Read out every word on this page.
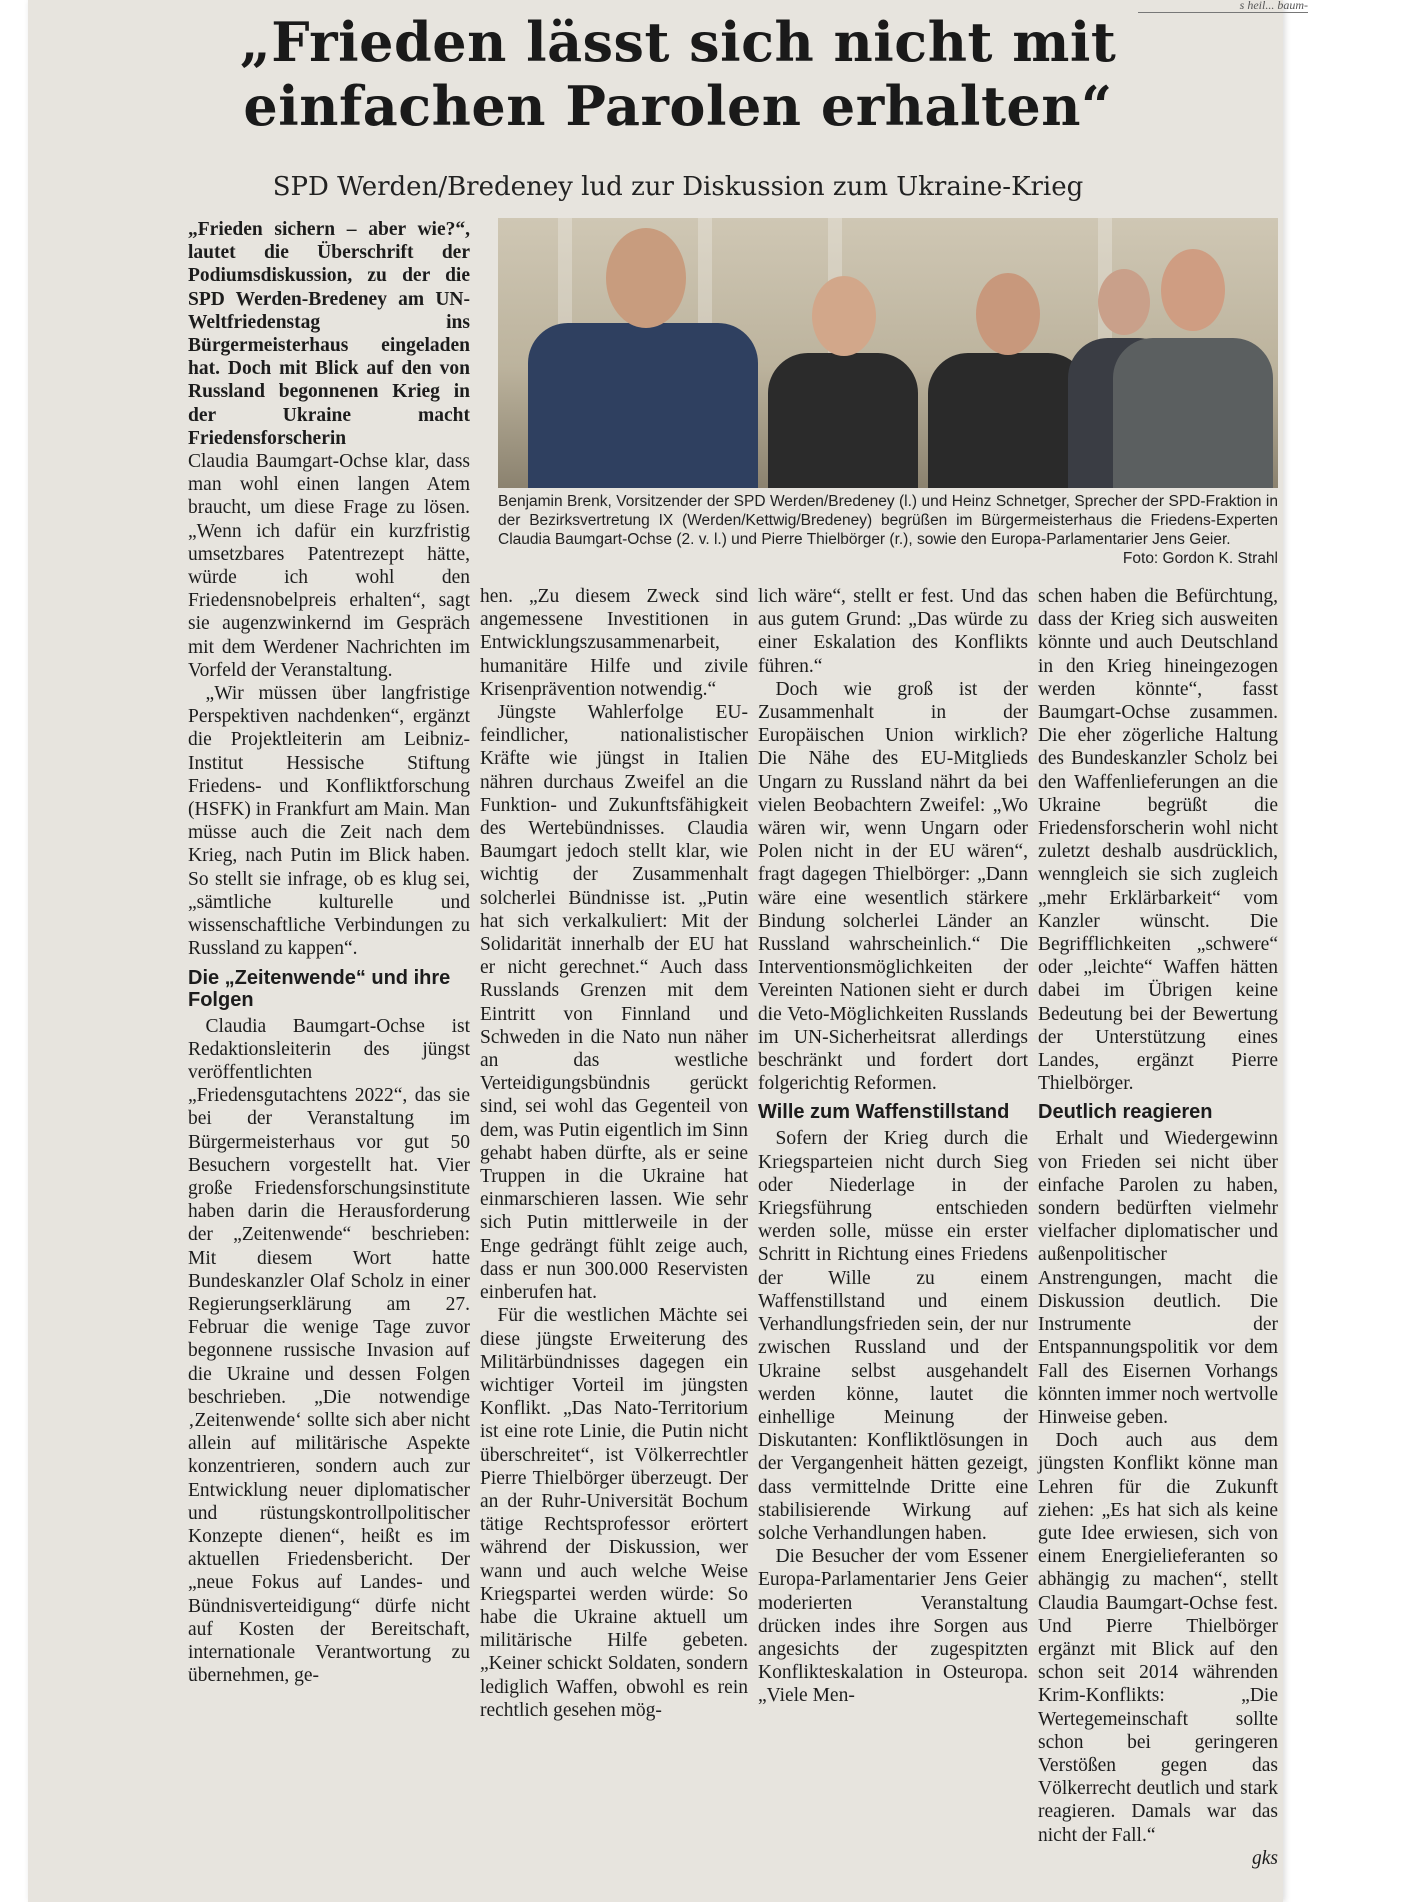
s heil... baum-
„Frieden lässt sich nicht mit einfachen Parolen erhalten“
SPD Werden/Bredeney lud zur Diskussion zum Ukraine-Krieg
Benjamin Brenk, Vorsitzender der SPD Werden/Bredeney (l.) und Heinz Schnetger, Sprecher der SPD-Fraktion in der Bezirksvertretung IX (Werden/Kettwig/Bredeney) begrüßen im Bürgermeisterhaus die Friedens-Experten Claudia Baumgart-Ochse (2. v. l.) und Pierre Thielbörger (r.), sowie den Europa-Parlamentarier Jens Geier.
Foto: Gordon K. Strahl

„Frieden sichern – aber wie?“, lautet die Überschrift der Podiumsdiskussion, zu der die SPD Werden-Bredeney am UN-Weltfriedenstag ins Bürgermeisterhaus eingeladen hat. Doch mit Blick auf den von Russland begonnenen Krieg in der Ukraine macht Friedensforscherin

Claudia Baumgart-Ochse klar, dass man wohl einen langen Atem braucht, um diese Frage zu lösen. „Wenn ich dafür ein kurzfristig umsetzbares Patentrezept hätte, würde ich wohl den Friedensnobelpreis erhalten“, sagt sie augenzwinkernd im Gespräch mit dem Werdener Nachrichten im Vorfeld der Veranstaltung.

„Wir müssen über langfristige Perspektiven nachdenken“, ergänzt die Projektleiterin am Leibniz-Institut Hessische Stiftung Friedens- und Konfliktforschung (HSFK) in Frankfurt am Main. Man müsse auch die Zeit nach dem Krieg, nach Putin im Blick haben. So stellt sie infrage, ob es klug sei, „sämtliche kulturelle und wissenschaftliche Verbindungen zu Russland zu kappen“.

Die „Zeitenwende“ und ihre Folgen

Claudia Baumgart-Ochse ist Redaktionsleiterin des jüngst veröffentlichten „Friedensgutachtens 2022“, das sie bei der Veranstaltung im Bürgermeisterhaus vor gut 50 Besuchern vorgestellt hat. Vier große Friedensforschungsinstitute haben darin die Herausforderung der „Zeitenwende“ beschrieben: Mit diesem Wort hatte Bundeskanzler Olaf Scholz in einer Regierungserklärung am 27. Februar die wenige Tage zuvor begonnene russische Invasion auf die Ukraine und dessen Folgen beschrieben. „Die notwendige ‚Zeitenwende‘ sollte sich aber nicht allein auf militärische Aspekte konzentrieren, sondern auch zur Entwicklung neuer diplomatischer und rüstungskontrollpolitischer Konzepte dienen“, heißt es im aktuellen Friedensbericht. Der „neue Fokus auf Landes- und Bündnisverteidigung“ dürfe nicht auf Kosten der Bereitschaft, internationale Verantwortung zu übernehmen, ge-

hen. „Zu diesem Zweck sind angemessene Investitionen in Entwicklungszusammenarbeit, humanitäre Hilfe und zivile Krisenprävention notwendig.“

Jüngste Wahlerfolge EU-feindlicher, nationalistischer Kräfte wie jüngst in Italien nähren durchaus Zweifel an die Funktion- und Zukunftsfähigkeit des Wertebündnisses. Claudia Baumgart jedoch stellt klar, wie wichtig der Zusammenhalt solcherlei Bündnisse ist. „Putin hat sich verkalkuliert: Mit der Solidarität innerhalb der EU hat er nicht gerechnet.“ Auch dass Russlands Grenzen mit dem Eintritt von Finnland und Schweden in die Nato nun näher an das westliche Verteidigungsbündnis gerückt sind, sei wohl das Gegenteil von dem, was Putin eigentlich im Sinn gehabt haben dürfte, als er seine Truppen in die Ukraine hat einmarschieren lassen. Wie sehr sich Putin mittlerweile in der Enge gedrängt fühlt zeige auch, dass er nun 300.000 Reservisten einberufen hat.

Für die westlichen Mächte sei diese jüngste Erweiterung des Militärbündnisses dagegen ein wichtiger Vorteil im jüngsten Konflikt. „Das Nato-Territorium ist eine rote Linie, die Putin nicht überschreitet“, ist Völkerrechtler Pierre Thielbörger überzeugt. Der an der Ruhr-Universität Bochum tätige Rechtsprofessor erörtert während der Diskussion, wer wann und auch welche Weise Kriegspartei werden würde: So habe die Ukraine aktuell um militärische Hilfe gebeten. „Keiner schickt Soldaten, sondern lediglich Waffen, obwohl es rein rechtlich gesehen mög-

lich wäre“, stellt er fest. Und das aus gutem Grund: „Das würde zu einer Eskalation des Konflikts führen.“

Doch wie groß ist der Zusammenhalt in der Europäischen Union wirklich? Die Nähe des EU-Mitglieds Ungarn zu Russland nährt da bei vielen Beobachtern Zweifel: „Wo wären wir, wenn Ungarn oder Polen nicht in der EU wären“, fragt dagegen Thielbörger: „Dann wäre eine wesentlich stärkere Bindung solcherlei Länder an Russland wahrscheinlich.“ Die Interventionsmöglichkeiten der Vereinten Nationen sieht er durch die Veto-Möglichkeiten Russlands im UN-Sicherheitsrat allerdings beschränkt und fordert dort folgerichtig Reformen.

Wille zum Waffenstillstand

Sofern der Krieg durch die Kriegsparteien nicht durch Sieg oder Niederlage in der Kriegsführung entschieden werden solle, müsse ein erster Schritt in Richtung eines Friedens der Wille zu einem Waffenstillstand und einem Verhandlungsfrieden sein, der nur zwischen Russland und der Ukraine selbst ausgehandelt werden könne, lautet die einhellige Meinung der Diskutanten: Konfliktlösungen in der Vergangenheit hätten gezeigt, dass vermittelnde Dritte eine stabilisierende Wirkung auf solche Verhandlungen haben.

Die Besucher der vom Essener Europa-Parlamentarier Jens Geier moderierten Veranstaltung drücken indes ihre Sorgen aus angesichts der zugespitzten Konflikteskalation in Osteuropa. „Viele Men-

schen haben die Befürchtung, dass der Krieg sich ausweiten könnte und auch Deutschland in den Krieg hineingezogen werden könnte“, fasst Baumgart-Ochse zusammen. Die eher zögerliche Haltung des Bundeskanzler Scholz bei den Waffenlieferungen an die Ukraine begrüßt die Friedensforscherin wohl nicht zuletzt deshalb ausdrücklich, wenngleich sie sich zugleich „mehr Erklärbarkeit“ vom Kanzler wünscht. Die Begrifflichkeiten „schwere“ oder „leichte“ Waffen hätten dabei im Übrigen keine Bedeutung bei der Bewertung der Unterstützung eines Landes, ergänzt Pierre Thielbörger.

Deutlich reagieren

Erhalt und Wiedergewinn von Frieden sei nicht über einfache Parolen zu haben, sondern bedürften vielmehr vielfacher diplomatischer und außenpolitischer Anstrengungen, macht die Diskussion deutlich. Die Instrumente der Entspannungspolitik vor dem Fall des Eisernen Vorhangs könnten immer noch wertvolle Hinweise geben.

Doch auch aus dem jüngsten Konflikt könne man Lehren für die Zukunft ziehen: „Es hat sich als keine gute Idee erwiesen, sich von einem Energielieferanten so abhängig zu machen“, stellt Claudia Baumgart-Ochse fest. Und Pierre Thielbörger ergänzt mit Blick auf den schon seit 2014 währenden Krim-Konflikts: „Die Wertegemeinschaft sollte schon bei geringeren Verstößen gegen das Völkerrecht deutlich und stark reagieren. Damals war das nicht der Fall.“

gks
